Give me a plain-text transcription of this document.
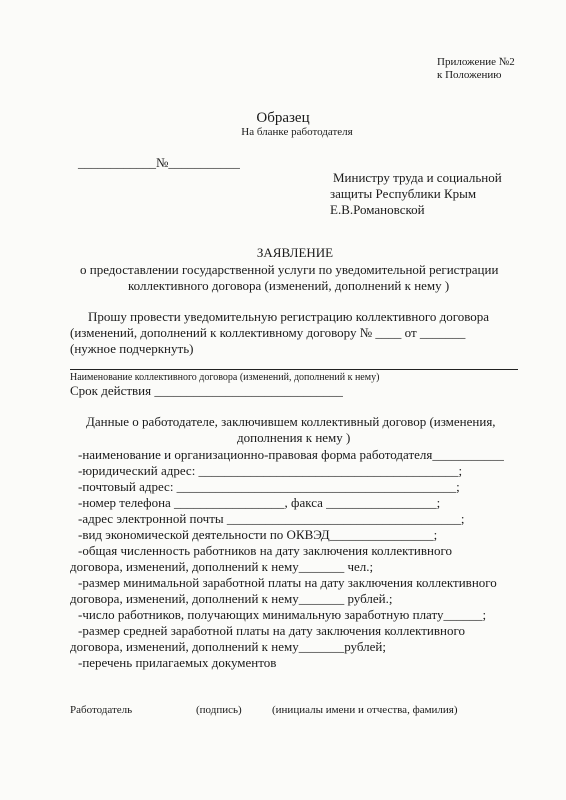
Приложение №2
к Положению
Образец
На бланке работодателя
____________№___________
Министру труда и социальной
защиты Республики Крым
Е.В.Романовской
ЗАЯВЛЕНИЕ
о предоставлении государственной услуги по уведомительной регистрации
коллективного договора (изменений, дополнений к нему )
Прошу провести уведомительную регистрацию коллективного договора
(изменений, дополнений к коллективному договору № ____ от _______
(нужное подчеркнуть)
Наименование коллективного договора (изменений, дополнений к нему)
Срок действия _____________________________
Данные о работодателе, заключившем коллективный договор (изменения,
дополнения к нему )
-наименование и организационно-правовая форма работодателя___________
-юридический адрес: ________________________________________;
-почтовый адрес: ___________________________________________;
-номер телефона _________________, факса _________________;
-адрес электронной почты ____________________________________;
-вид экономической деятельности по ОКВЭД________________;
-общая численность работников на дату заключения коллективного
договора, изменений, дополнений к нему_______ чел.;
-размер минимальной заработной платы на дату заключения коллективного
договора, изменений, дополнений к нему_______ рублей.;
-число работников, получающих минимальную заработную плату______;
-размер средней заработной платы на дату заключения коллективного
договора, изменений, дополнений к нему_______рублей;
-перечень прилагаемых документов
Работодатель	(подпись)	(инициалы имени и отчества, фамилия)
